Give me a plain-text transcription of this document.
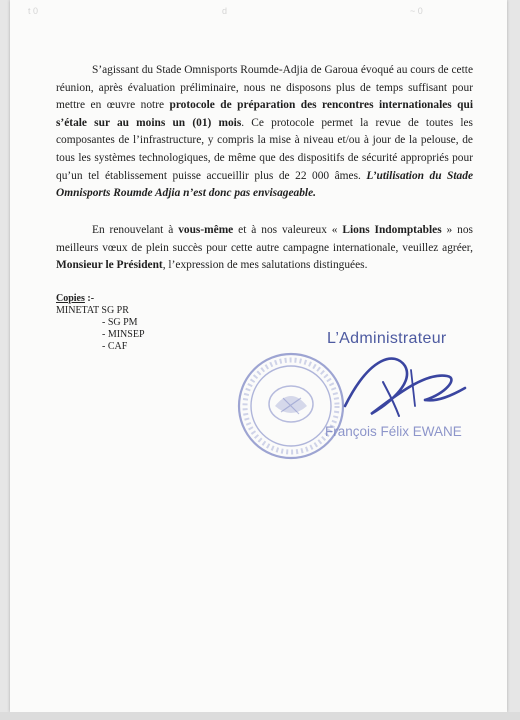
t 0	d	~ 0

S’agissant du Stade Omnisports Roumde-Adjia de Garoua évoqué au cours de cette réunion, après évaluation préliminaire, nous ne disposons plus de temps suffisant pour mettre en œuvre notre protocole de préparation des rencontres internationales qui s’étale sur au moins un (01) mois. Ce protocole permet la revue de toutes les composantes de l’infrastructure, y compris la mise à niveau et/ou à jour de la pelouse, de tous les systèmes technologiques, de même que des dispositifs de sécurité appropriés pour qu’un tel établissement puisse accueillir plus de 22 000 âmes. L’utilisation du Stade Omnisports Roumde Adjia n’est donc pas envisageable.

En renouvelant à vous-même et à nos valeureux « Lions Indomptables » nos meilleurs vœux de plein succès pour cette autre campagne internationale, veuillez agréer, Monsieur le Président, l’expression de mes salutations distinguées.

Copies :-
MINETAT SG PR
- SG PM
- MINSEP
- CAF	L’Administrateur
François Félix EWANE
